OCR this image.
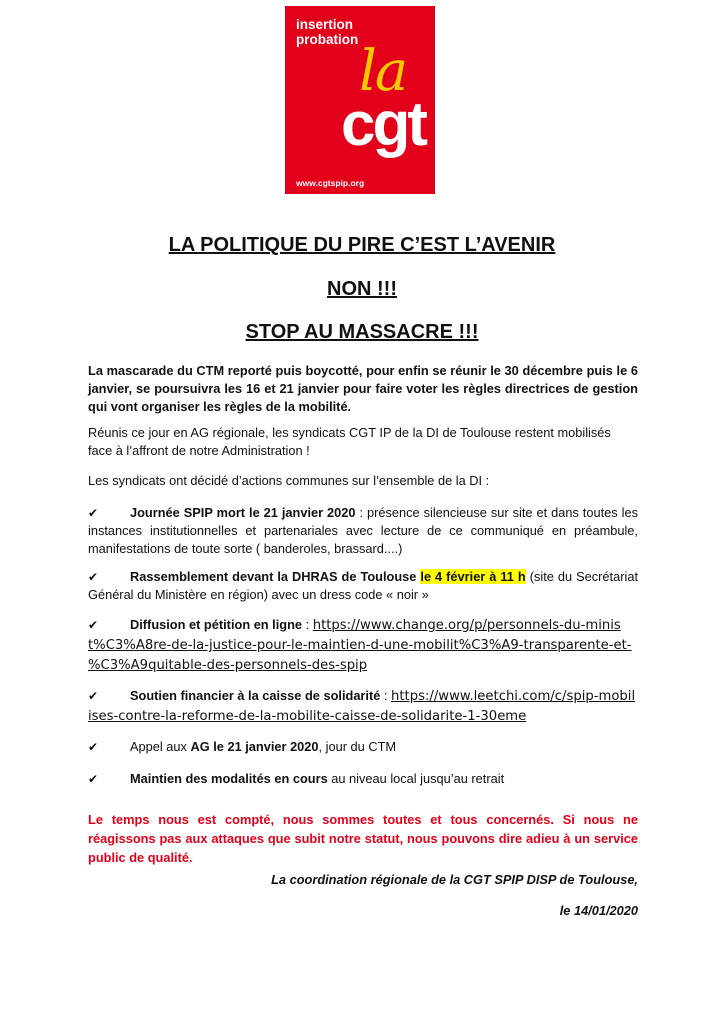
insertion
probation la
cgt
www.cgtspip.org
LA POLITIQUE DU PIRE C’EST L’AVENIR
NON !!!
STOP AU MASSACRE !!!

La mascarade du CTM reporté puis boycotté, pour enfin se réunir le 30 décembre puis le 6 janvier, se poursuivra les 16 et 21 janvier pour faire voter les règles directrices de gestion qui vont organiser les règles de la mobilité.

Réunis ce jour en AG régionale, les syndicats CGT IP de la DI de Toulouse restent mobilisés face à l’affront de notre Administration !

Les syndicats ont décidé d’actions communes sur l’ensemble de la DI :

✔ Journée SPIP mort le 21 janvier 2020 : présence silencieuse sur site et dans toutes les instances institutionnelles et partenariales avec lecture de ce communiqué en préambule, manifestations de toute sorte ( banderoles, brassard....)

✔ Rassemblement devant la DHRAS de Toulouse le 4 février à 11 h (site du Secrétariat Général du Ministère en région) avec un dress code « noir »

✔ Diffusion et pétition en ligne : https://www.change.org/p/personnels-du-minist%C3%A8re-de-la-justice-pour-le-maintien-d-une-mobilit%C3%A9-transparente-et-%C3%A9quitable-des-personnels-des-spip

✔ Soutien financier à la caisse de solidarité : https://www.leetchi.com/c/spip-mobilises-contre-la-reforme-de-la-mobilite-caisse-de-solidarite-1-30eme

✔ Appel aux AG le 21 janvier 2020, jour du CTM

✔ Maintien des modalités en cours au niveau local jusqu’au retrait

Le temps nous est compté, nous sommes toutes et tous concernés. Si nous ne réagissons pas aux attaques que subit notre statut, nous pouvons dire adieu à un service public de qualité.

La coordination régionale de la CGT SPIP DISP de Toulouse,

le 14/01/2020
